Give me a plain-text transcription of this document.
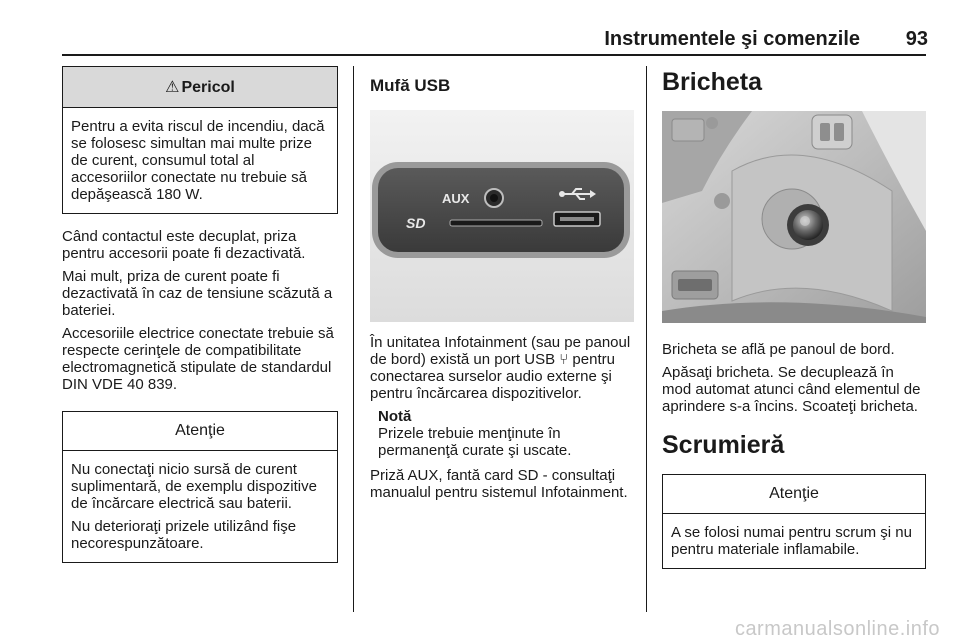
Instrumentele şi comenzile	93
⚠ Pericol

Pentru a evita riscul de incendiu, dacă se folosesc simultan mai multe prize de curent, consumul total al accesoriilor conectate nu trebuie să depăşească 180 W.

Când contactul este decuplat, priza pentru accesorii poate fi dezactivată.

Mai mult, priza de curent poate fi dezactivată în caz de tensiune scăzută a bateriei.

Accesoriile electrice conectate trebuie să respecte cerinţele de compatibilitate electromagnetică stipulate de standardul DIN VDE 40 839.

Atenţie

Nu conectaţi nicio sursă de curent suplimentară, de exemplu dispozitive de încărcare electrică sau baterii.

Nu deterioraţi prizele utilizând fişe necorespunzătoare.

Mufă USB
AUX
SD

În unitatea Infotainment (sau pe panoul de bord) există un port USB ⑂ pentru conectarea surselor audio externe şi pentru încărcarea dispozitivelor.

Notă

Prizele trebuie menţinute în permanenţă curate şi uscate.

Priză AUX, fantă card SD - consultaţi manualul pentru sistemul Infotainment.

Bricheta

Bricheta se află pe panoul de bord.

Apăsaţi bricheta. Se decuplează în mod automat atunci când elementul de aprindere s-a încins. Scoateţi bricheta.

Scrumieră
Atenţie

A se folosi numai pentru scrum şi nu pentru materiale inflamabile.

carmanualsonline.info
